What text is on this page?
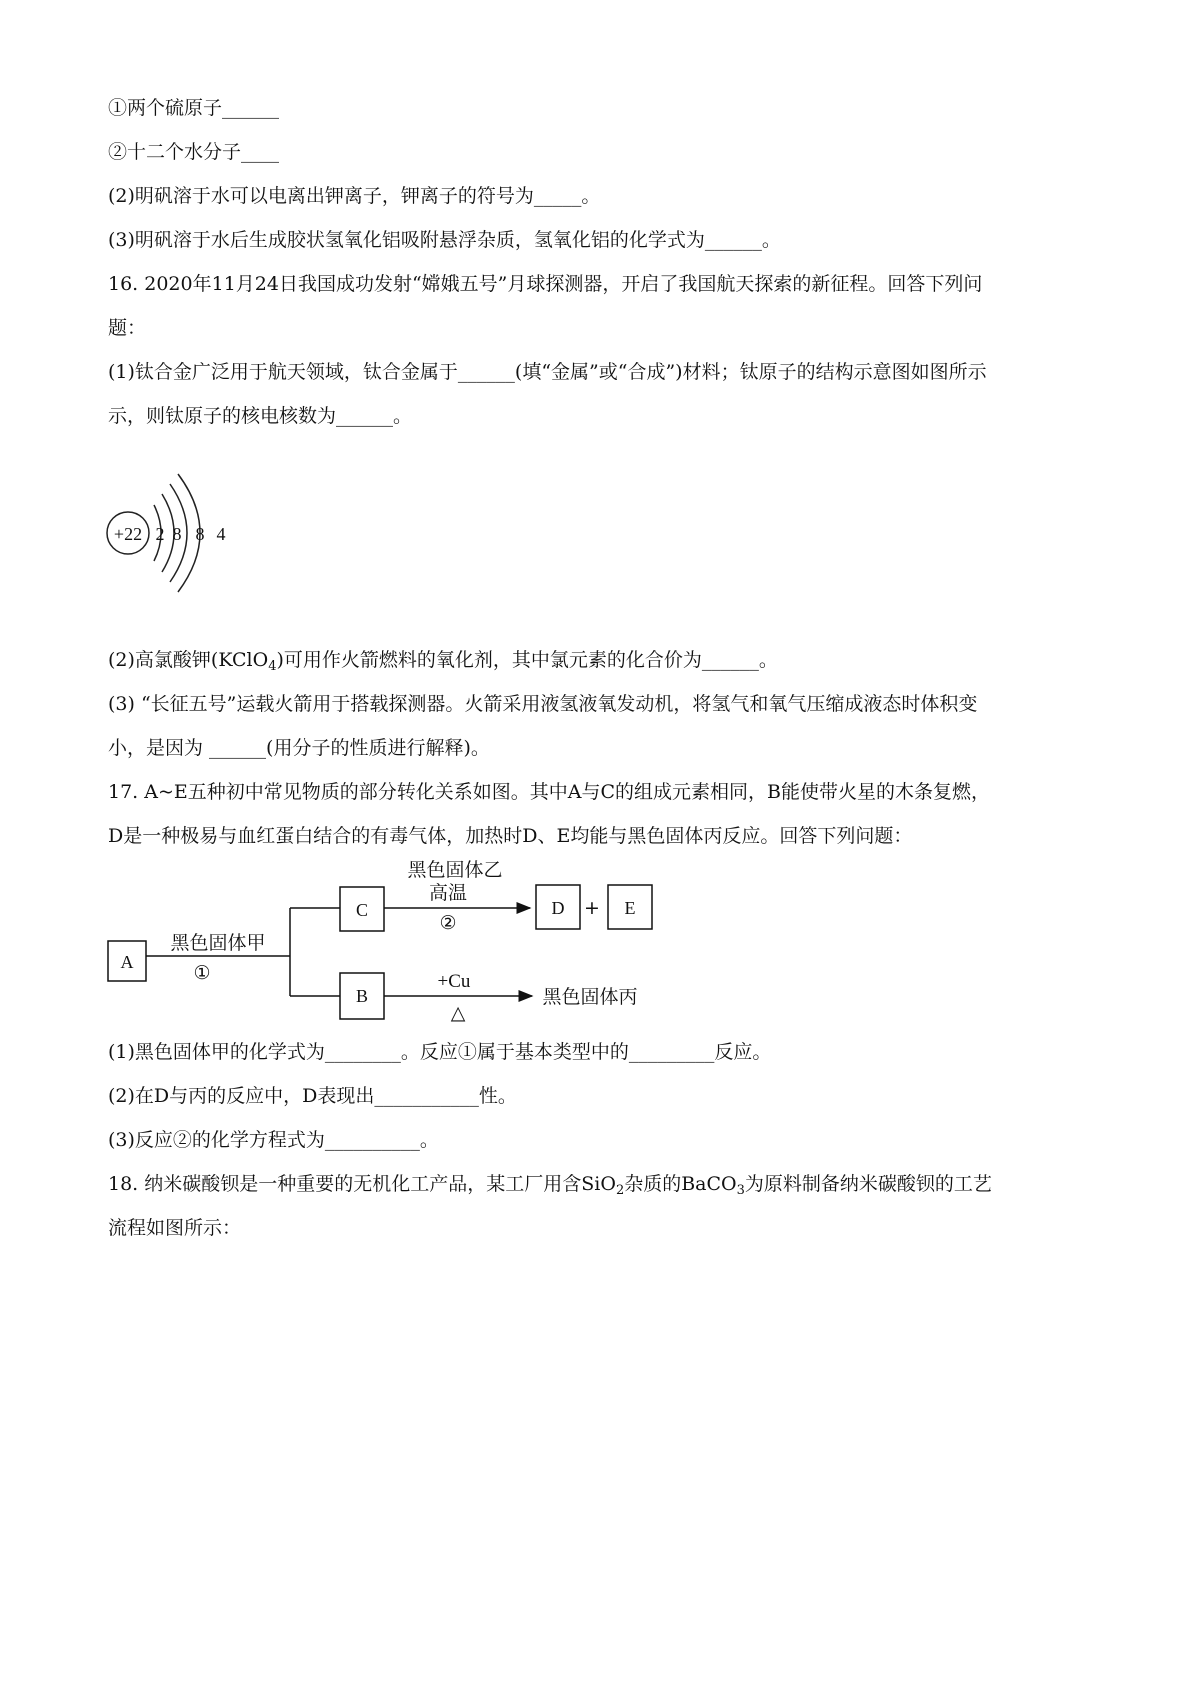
①两个硫原子______
②十二个水分子____
(2)明矾溶于水可以电离出钾离子，钾离子的符号为_____。
(3)明矾溶于水后生成胶状氢氧化铝吸附悬浮杂质，氢氧化铝的化学式为______。
16. 2020年11月24日我国成功发射“嫦娥五号”月球探测器，开启了我国航天探索的新征程。回答下列问
题：
(1)钛合金广泛用于航天领域，钛合金属于______(填“金属”或“合成”)材料；钛原子的结构示意图如图所示
示，则钛原子的核电核数为______。
+22 2 8 8 4
(2)高氯酸钾(KClO$_4$)可用作火箭燃料的氧化剂，其中氯元素的化合价为______。
(3) “长征五号”运载火箭用于搭载探测器。火箭采用液氢液氧发动机，将氢气和氧气压缩成液态时体积变
小，是因为 ______(用分子的性质进行解释)。
17. A~E五种初中常见物质的部分转化关系如图。其中A与C的组成元素相同，B能使带火星的木条复燃，
D是一种极易与血红蛋白结合的有毒气体，加热时D、E均能与黑色固体丙反应。回答下列问题：
A
黑色固体甲
①
C
黑色固体乙
高温
②
D + E
B
+Cu
△
黑色固体丙
(1)黑色固体甲的化学式为________。反应①属于基本类型中的_________反应。
(2)在D与丙的反应中，D表现出___________性。
(3)反应②的化学方程式为__________。
18. 纳米碳酸钡是一种重要的无机化工产品，某工厂用含SiO$_2$杂质的BaCO$_3$为原料制备纳米碳酸钡的工艺
流程如图所示：
